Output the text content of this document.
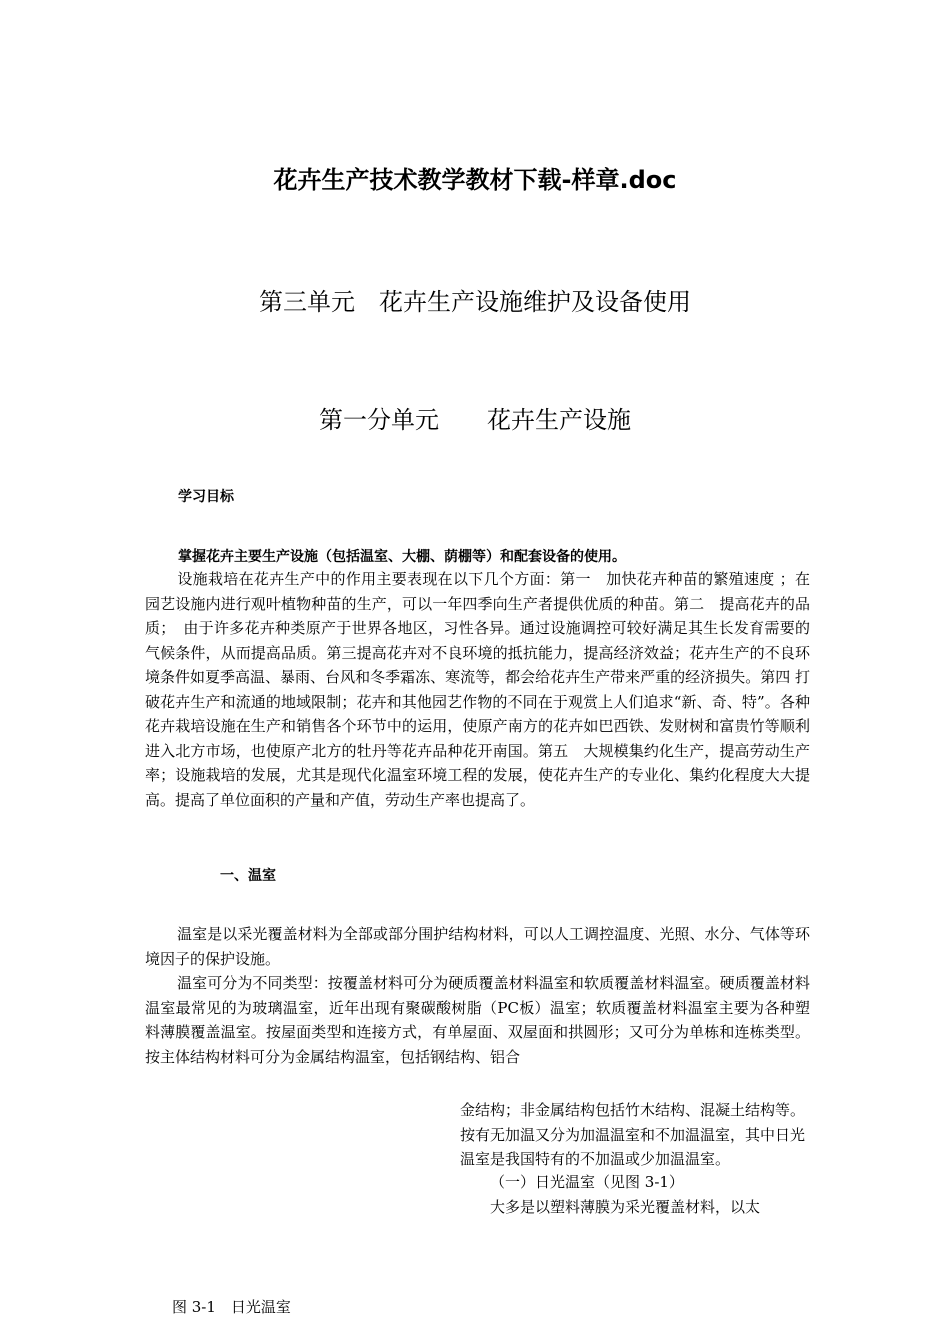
花卉生产技术教学教材下载-样章.doc
第三单元　花卉生产设施维护及设备使用
第一分单元　　花卉生产设施
学习目标
掌握花卉主要生产设施（包括温室、大棚、荫棚等）和配套设备的使用。
设施栽培在花卉生产中的作用主要表现在以下几个方面：第一　加快花卉种苗的繁殖速度 ；在园艺设施内进行观叶植物种苗的生产，可以一年四季向生产者提供优质的种苗。第二　提高花卉的品质；　由于许多花卉种类原产于世界各地区，习性各异。通过设施调控可较好满足其生长发育需要的气候条件，从而提高品质。第三提高花卉对不良环境的抵抗能力，提高经济效益；花卉生产的不良环境条件如夏季高温、暴雨、台风和冬季霜冻、寒流等，都会给花卉生产带来严重的经济损失。第四 打破花卉生产和流通的地域限制；花卉和其他园艺作物的不同在于观赏上人们追求“新、奇、特”。各种花卉栽培设施在生产和销售各个环节中的运用，使原产南方的花卉如巴西铁、发财树和富贵竹等顺利进入北方市场，也使原产北方的牡丹等花卉品种花开南国。第五　大规模集约化生产，提高劳动生产率；设施栽培的发展，尤其是现代化温室环境工程的发展，使花卉生产的专业化、集约化程度大大提高。提高了单位面积的产量和产值，劳动生产率也提高了。
一、温室
温室是以采光覆盖材料为全部或部分围护结构材料，可以人工调控温度、光照、水分、气体等环境因子的保护设施。
温室可分为不同类型：按覆盖材料可分为硬质覆盖材料温室和软质覆盖材料温室。硬质覆盖材料温室最常见的为玻璃温室，近年出现有聚碳酸树脂（PC板）温室；软质覆盖材料温室主要为各种塑料薄膜覆盖温室。按屋面类型和连接方式，有单屋面、双屋面和拱圆形；又可分为单栋和连栋类型。按主体结构材料可分为金属结构温室，包括钢结构、铝合
金结构；非金属结构包括竹木结构、混凝土结构等。按有无加温又分为加温温室和不加温温室，其中日光温室是我国特有的不加温或少加温温室。
（一）日光温室（见图 3-1）
大多是以塑料薄膜为采光覆盖材料，以太
图 3-1　日光温室
